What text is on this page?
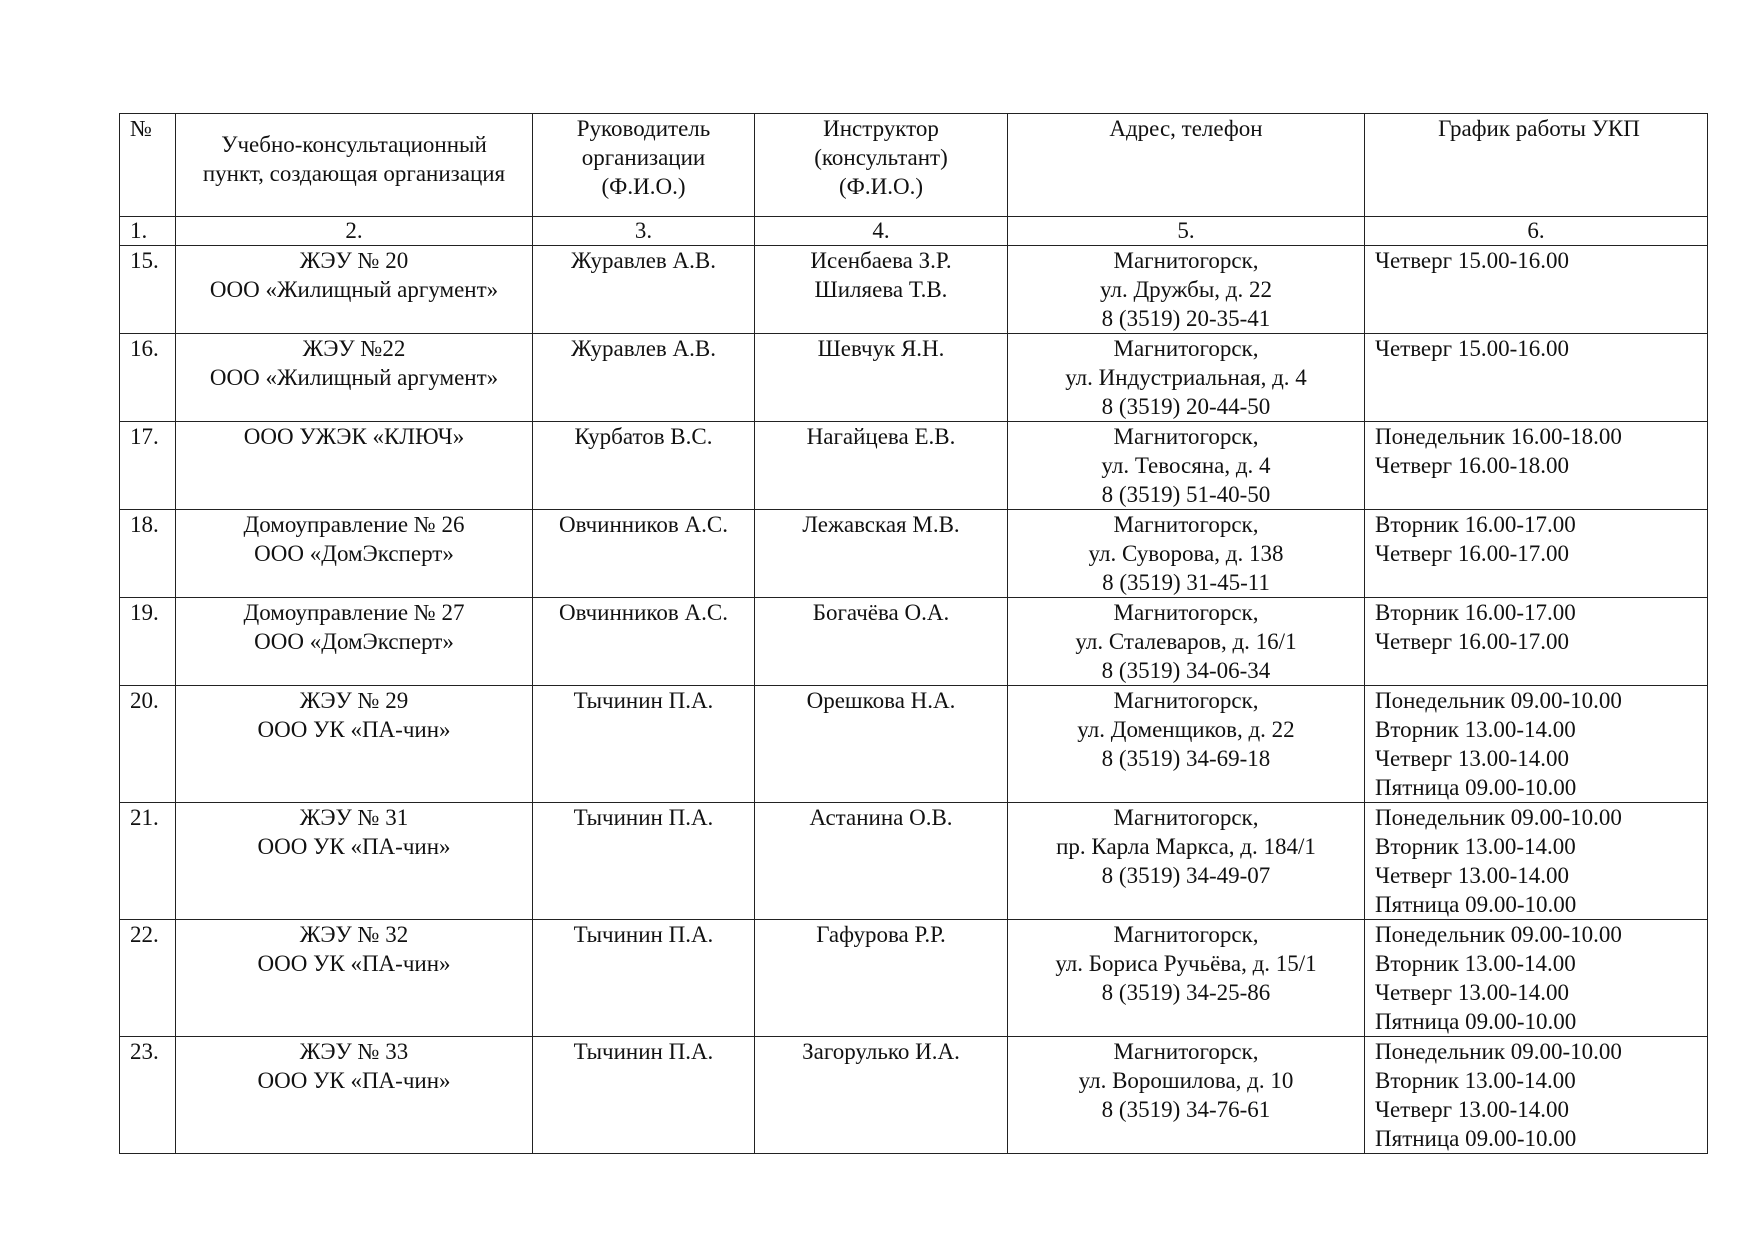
№	Учебно-консультационный
пункт, создающая организация	Руководитель
организации
(Ф.И.О.)	Инструктор
(консультант)
(Ф.И.О.)	Адрес, телефон	График работы УКП
1.	2.	3.	4.	5.	6.
15.	ЖЭУ № 20
ООО «Жилищный аргумент»	Журавлев А.В.	Исенбаева З.Р.
Шиляева Т.В.	Магнитогорск,
ул. Дружбы, д. 22
8 (3519) 20-35-41	Четверг 15.00-16.00
16.	ЖЭУ №22
ООО «Жилищный аргумент»	Журавлев А.В.	Шевчук Я.Н.	Магнитогорск,
ул. Индустриальная, д. 4
8 (3519) 20-44-50	Четверг 15.00-16.00
17.	ООО УЖЭК «КЛЮЧ»	Курбатов В.С.	Нагайцева Е.В.	Магнитогорск,
ул. Тевосяна, д. 4
8 (3519) 51-40-50	Понедельник 16.00-18.00
Четверг 16.00-18.00
18.	Домоуправление № 26
ООО «ДомЭксперт»	Овчинников А.С.	Лежавская М.В.	Магнитогорск,
ул. Суворова, д. 138
8 (3519) 31-45-11	Вторник 16.00-17.00
Четверг 16.00-17.00
19.	Домоуправление № 27
ООО «ДомЭксперт»	Овчинников А.С.	Богачёва О.А.	Магнитогорск,
ул. Сталеваров, д. 16/1
8 (3519) 34-06-34	Вторник 16.00-17.00
Четверг 16.00-17.00
20.	ЖЭУ № 29
ООО УК «ПА-чин»	Тычинин П.А.	Орешкова Н.А.	Магнитогорск,
ул. Доменщиков, д. 22
8 (3519) 34-69-18	Понедельник 09.00-10.00
Вторник 13.00-14.00
Четверг 13.00-14.00
Пятница 09.00-10.00
21.	ЖЭУ № 31
ООО УК «ПА-чин»	Тычинин П.А.	Астанина О.В.	Магнитогорск,
пр. Карла Маркса, д. 184/1
8 (3519) 34-49-07	Понедельник 09.00-10.00
Вторник 13.00-14.00
Четверг 13.00-14.00
Пятница 09.00-10.00
22.	ЖЭУ № 32
ООО УК «ПА-чин»	Тычинин П.А.	Гафурова Р.Р.	Магнитогорск,
ул. Бориса Ручьёва, д. 15/1
8 (3519) 34-25-86	Понедельник 09.00-10.00
Вторник 13.00-14.00
Четверг 13.00-14.00
Пятница 09.00-10.00
23.	ЖЭУ № 33
ООО УК «ПА-чин»	Тычинин П.А.	Загорулько И.А.	Магнитогорск,
ул. Ворошилова, д. 10
8 (3519) 34-76-61	Понедельник 09.00-10.00
Вторник 13.00-14.00
Четверг 13.00-14.00
Пятница 09.00-10.00
